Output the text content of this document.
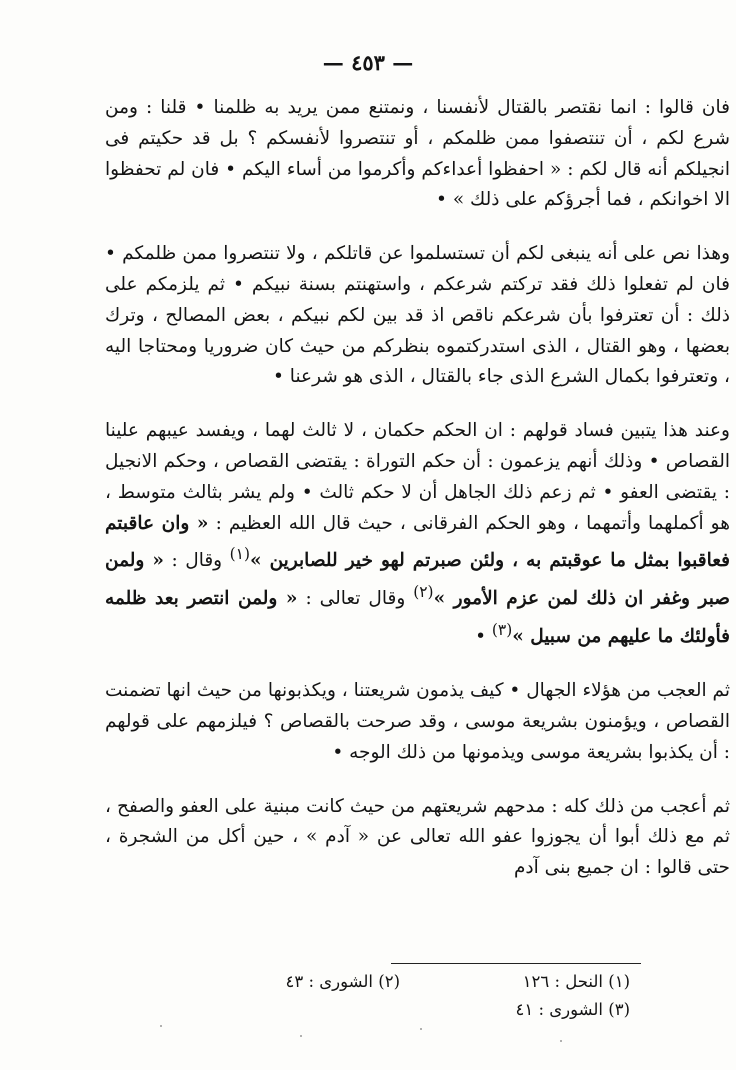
— ٤٥٣ —

فان قالوا : انما نقتصر بالقتال لأنفسنا ، ونمتنع ممن يريد به ظلمنا • قلنا : ومن شرع لكم ، أن تنتصفوا ممن ظلمكم ، أو تنتصروا لأنفسكم ؟ بل قد حكيتم فى انجيلكم أنه قال لكم : « احفظوا أعداءكم وأكرموا من أساء اليكم • فان لم تحفظوا الا اخوانكم ، فما أجرؤكم على ذلك » •

وهذا نص على أنه ينبغى لكم أن تستسلموا عن قاتلكم ، ولا تنتصروا ممن ظلمكم • فان لم تفعلوا ذلك فقد تركتم شرعكم ، واستهنتم بسنة نبيكم • ثم يلزمكم على ذلك : أن تعترفوا بأن شرعكم ناقص اذ قد بين لكم نبيكم ، بعض المصالح ، وترك بعضها ، وهو القتال ، الذى استدركتموه بنظركم من حيث كان ضروريا ومحتاجا اليه ، وتعترفوا بكمال الشرع الذى جاء بالقتال ، الذى هو شرعنا •

وعند هذا يتبين فساد قولهم : ان الحكم حكمان ، لا ثالث لهما ، ويفسد عيبهم علينا القصاص • وذلك أنهم يزعمون : أن حكم التوراة : يقتضى القصاص ، وحكم الانجيل : يقتضى العفو • ثم زعم ذلك الجاهل أن لا حكم ثالث • ولم يشر بثالث متوسط ، هو أكملهما وأتمهما ، وهو الحكم الفرقانى ، حيث قال الله العظيم : « وان عاقبتم فعاقبوا بمثل ما عوقبتم به ، ولئن صبرتم لهو خير للصابرين »$^{(١)}$ وقال : « ولمن صبر وغفر ان ذلك لمن عزم الأمور »$^{(٢)}$ وقال تعالى : « ولمن انتصر بعد ظلمه فأولئك ما عليهم من سبيل »$^{(٣)}$ •

ثم العجب من هؤلاء الجهال • كيف يذمون شريعتنا ، ويكذبونها من حيث انها تضمنت القصاص ، ويؤمنون بشريعة موسى ، وقد صرحت بالقصاص ؟ فيلزمهم على قولهم : أن يكذبوا بشريعة موسى ويذمونها من ذلك الوجه •

ثم أعجب من ذلك كله : مدحهم شريعتهم من حيث كانت مبنية على العفو والصفح ، ثم مع ذلك أبوا أن يجوزوا عفو الله تعالى عن « آدم » ، حين أكل من الشجرة ، حتى قالوا : ان جميع بنى آدم

(١) النحل : ١٢٦
(٢) الشورى : ٤٣
(٣) الشورى : ٤١
